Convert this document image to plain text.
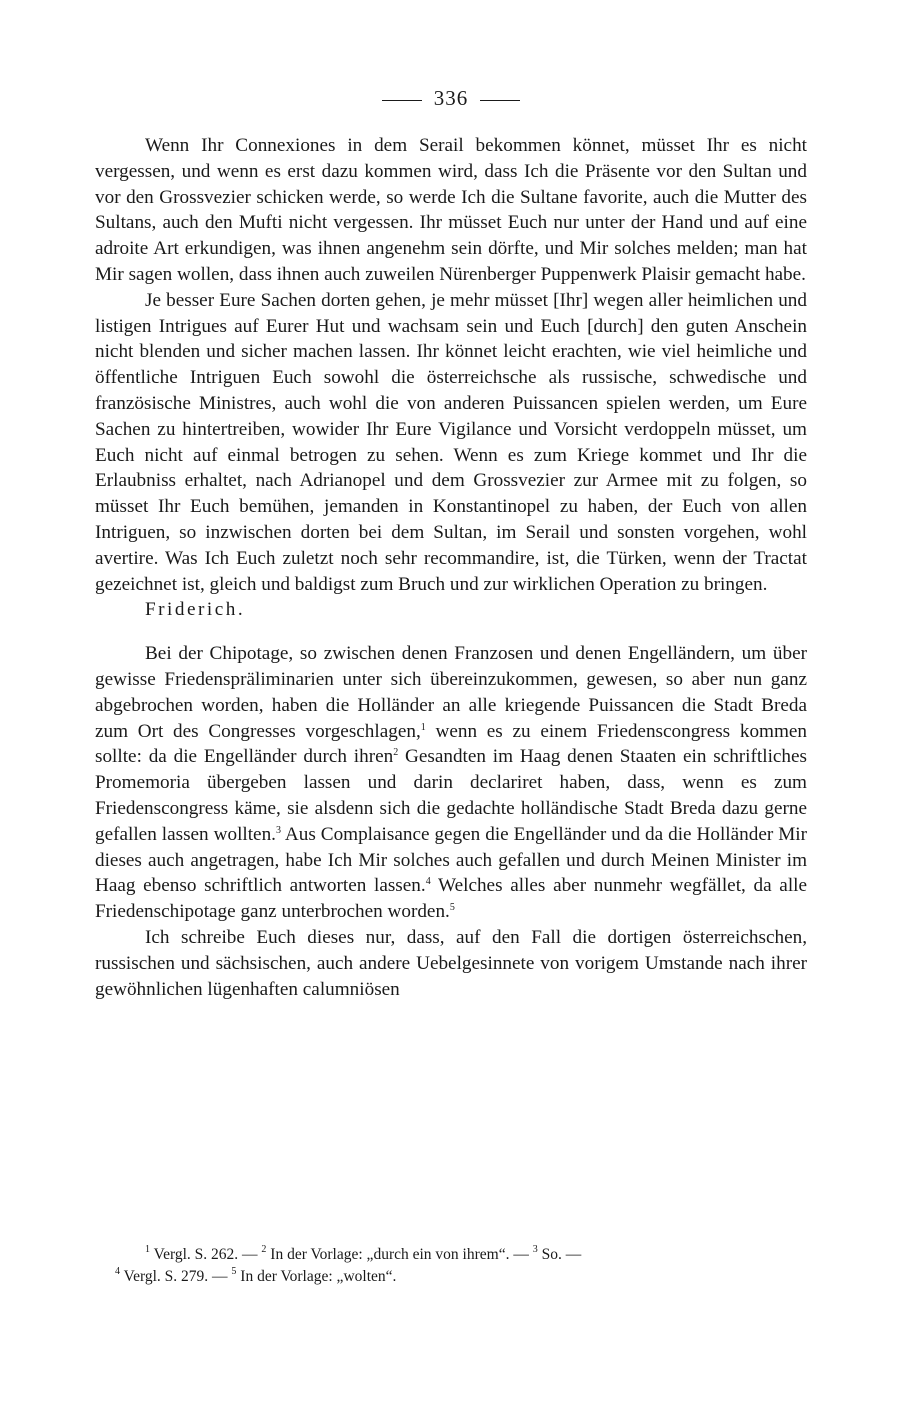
336

Wenn Ihr Connexiones in dem Serail bekommen könnet, müsset Ihr es nicht vergessen, und wenn es erst dazu kommen wird, dass Ich die Präsente vor den Sultan und vor den Grossvezier schicken werde, so werde Ich die Sultane favorite, auch die Mutter des Sultans, auch den Mufti nicht vergessen. Ihr müsset Euch nur unter der Hand und auf eine adroite Art erkundigen, was ihnen angenehm sein dörfte, und Mir solches melden; man hat Mir sagen wollen, dass ihnen auch zuweilen Nürenberger Puppenwerk Plaisir gemacht habe.

Je besser Eure Sachen dorten gehen, je mehr müsset [Ihr] wegen aller heimlichen und listigen Intrigues auf Eurer Hut und wachsam sein und Euch [durch] den guten Anschein nicht blenden und sicher machen lassen. Ihr könnet leicht erachten, wie viel heimliche und öffentliche Intriguen Euch sowohl die österreichsche als russische, schwedische und französische Ministres, auch wohl die von anderen Puissancen spielen werden, um Eure Sachen zu hintertreiben, wowider Ihr Eure Vigilance und Vorsicht verdoppeln müsset, um Euch nicht auf einmal betrogen zu sehen. Wenn es zum Kriege kommet und Ihr die Erlaubniss erhaltet, nach Adrianopel und dem Grossvezier zur Armee mit zu folgen, so müsset Ihr Euch bemühen, jemanden in Konstantinopel zu haben, der Euch von allen Intriguen, so inzwischen dorten bei dem Sultan, im Serail und sonsten vorgehen, wohl avertire. Was Ich Euch zuletzt noch sehr recommandire, ist, die Türken, wenn der Tractat gezeichnet ist, gleich und baldigst zum Bruch und zur wirklichen Operation zu bringen.

Friderich.

Bei der Chipotage, so zwischen denen Franzosen und denen Engelländern, um über gewisse Friedenspräliminarien unter sich übereinzukommen, gewesen, so aber nun ganz abgebrochen worden, haben die Holländer an alle kriegende Puissancen die Stadt Breda zum Ort des Congresses vorgeschlagen,$^1$ wenn es zu einem Friedenscongress kommen sollte: da die Engelländer durch ihren$^2$ Gesandten im Haag denen Staaten ein schriftliches Promemoria übergeben lassen und darin declariret haben, dass, wenn es zum Friedenscongress käme, sie alsdenn sich die gedachte holländische Stadt Breda dazu gerne gefallen lassen wollten.$^3$ Aus Complaisance gegen die Engelländer und da die Holländer Mir dieses auch angetragen, habe Ich Mir solches auch gefallen und durch Meinen Minister im Haag ebenso schriftlich antworten lassen.$^4$ Welches alles aber nunmehr wegfället, da alle Friedenschipotage ganz unterbrochen worden.$^5$

Ich schreibe Euch dieses nur, dass, auf den Fall die dortigen österreichschen, russischen und sächsischen, auch andere Uebelgesinnete von vorigem Umstande nach ihrer gewöhnlichen lügenhaften calumniösen

$^1$ Vergl. S. 262. — $^2$ In der Vorlage: „durch ein von ihrem“. — $^3$ So. —

$^4$ Vergl. S. 279. — $^5$ In der Vorlage: „wolten“.
